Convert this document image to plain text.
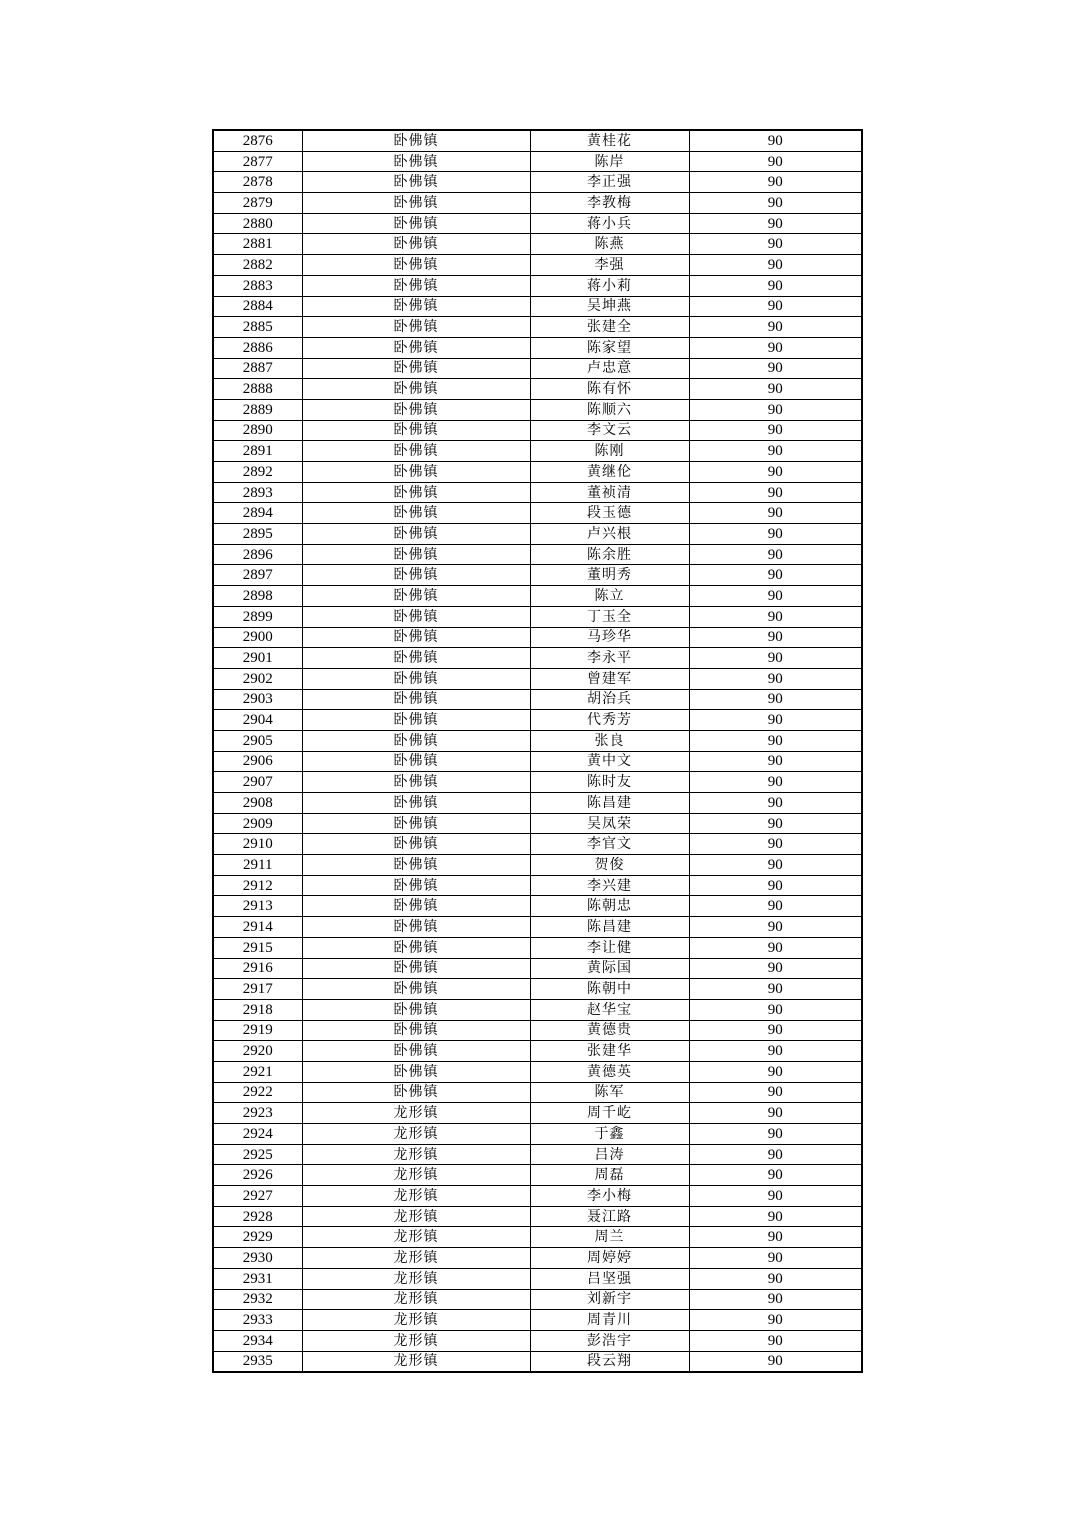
2876	卧佛镇	黄桂花	90
2877	卧佛镇	陈岸	90
2878	卧佛镇	李正强	90
2879	卧佛镇	李教梅	90
2880	卧佛镇	蒋小兵	90
2881	卧佛镇	陈燕	90
2882	卧佛镇	李强	90
2883	卧佛镇	蒋小莉	90
2884	卧佛镇	吴坤燕	90
2885	卧佛镇	张建全	90
2886	卧佛镇	陈家望	90
2887	卧佛镇	卢忠意	90
2888	卧佛镇	陈有怀	90
2889	卧佛镇	陈顺六	90
2890	卧佛镇	李文云	90
2891	卧佛镇	陈刚	90
2892	卧佛镇	黄继伦	90
2893	卧佛镇	董祯清	90
2894	卧佛镇	段玉德	90
2895	卧佛镇	卢兴根	90
2896	卧佛镇	陈余胜	90
2897	卧佛镇	董明秀	90
2898	卧佛镇	陈立	90
2899	卧佛镇	丁玉全	90
2900	卧佛镇	马珍华	90
2901	卧佛镇	李永平	90
2902	卧佛镇	曾建军	90
2903	卧佛镇	胡治兵	90
2904	卧佛镇	代秀芳	90
2905	卧佛镇	张良	90
2906	卧佛镇	黄中文	90
2907	卧佛镇	陈时友	90
2908	卧佛镇	陈昌建	90
2909	卧佛镇	吴凤荣	90
2910	卧佛镇	李官文	90
2911	卧佛镇	贺俊	90
2912	卧佛镇	李兴建	90
2913	卧佛镇	陈朝忠	90
2914	卧佛镇	陈昌建	90
2915	卧佛镇	李让健	90
2916	卧佛镇	黄际国	90
2917	卧佛镇	陈朝中	90
2918	卧佛镇	赵华宝	90
2919	卧佛镇	黄德贵	90
2920	卧佛镇	张建华	90
2921	卧佛镇	黄德英	90
2922	卧佛镇	陈军	90
2923	龙形镇	周千屹	90
2924	龙形镇	于鑫	90
2925	龙形镇	吕涛	90
2926	龙形镇	周磊	90
2927	龙形镇	李小梅	90
2928	龙形镇	聂江路	90
2929	龙形镇	周兰	90
2930	龙形镇	周婷婷	90
2931	龙形镇	吕坚强	90
2932	龙形镇	刘新宇	90
2933	龙形镇	周青川	90
2934	龙形镇	彭浩宇	90
2935	龙形镇	段云翔	90
